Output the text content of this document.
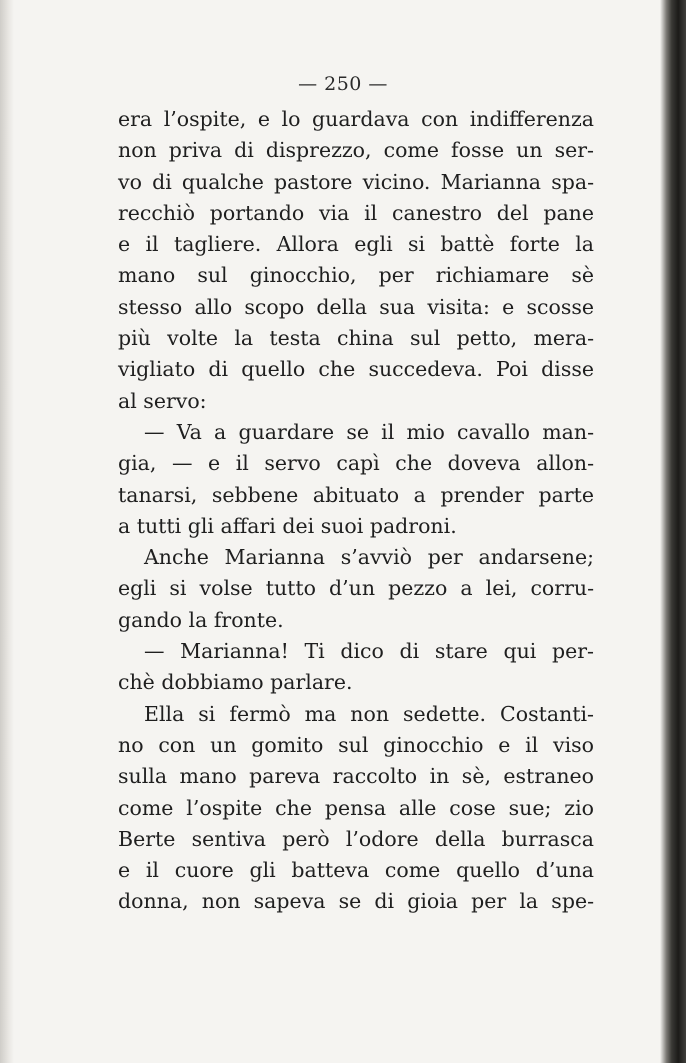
— 250 —
era l’ospite, e lo guardava con indifferenza
non priva di disprezzo, come fosse un ser-
vo di qualche pastore vicino. Marianna spa-
recchiò portando via il canestro del pane
e il tagliere. Allora egli si battè forte la
mano sul ginocchio, per richiamare sè
stesso allo scopo della sua visita: e scosse
più volte la testa china sul petto, mera-
vigliato di quello che succedeva. Poi disse
al servo:
— Va a guardare se il mio cavallo man-
gia, — e il servo capì che doveva allon-
tanarsi, sebbene abituato a prender parte
a tutti gli affari dei suoi padroni.
Anche Marianna s’avviò per andarsene;
egli si volse tutto d’un pezzo a lei, corru-
gando la fronte.
— Marianna! Ti dico di stare qui per-
chè dobbiamo parlare.
Ella si fermò ma non sedette. Costanti-
no con un gomito sul ginocchio e il viso
sulla mano pareva raccolto in sè, estraneo
come l’ospite che pensa alle cose sue; zio
Berte sentiva però l’odore della burrasca
e il cuore gli batteva come quello d’una
donna, non sapeva se di gioia per la spe-
